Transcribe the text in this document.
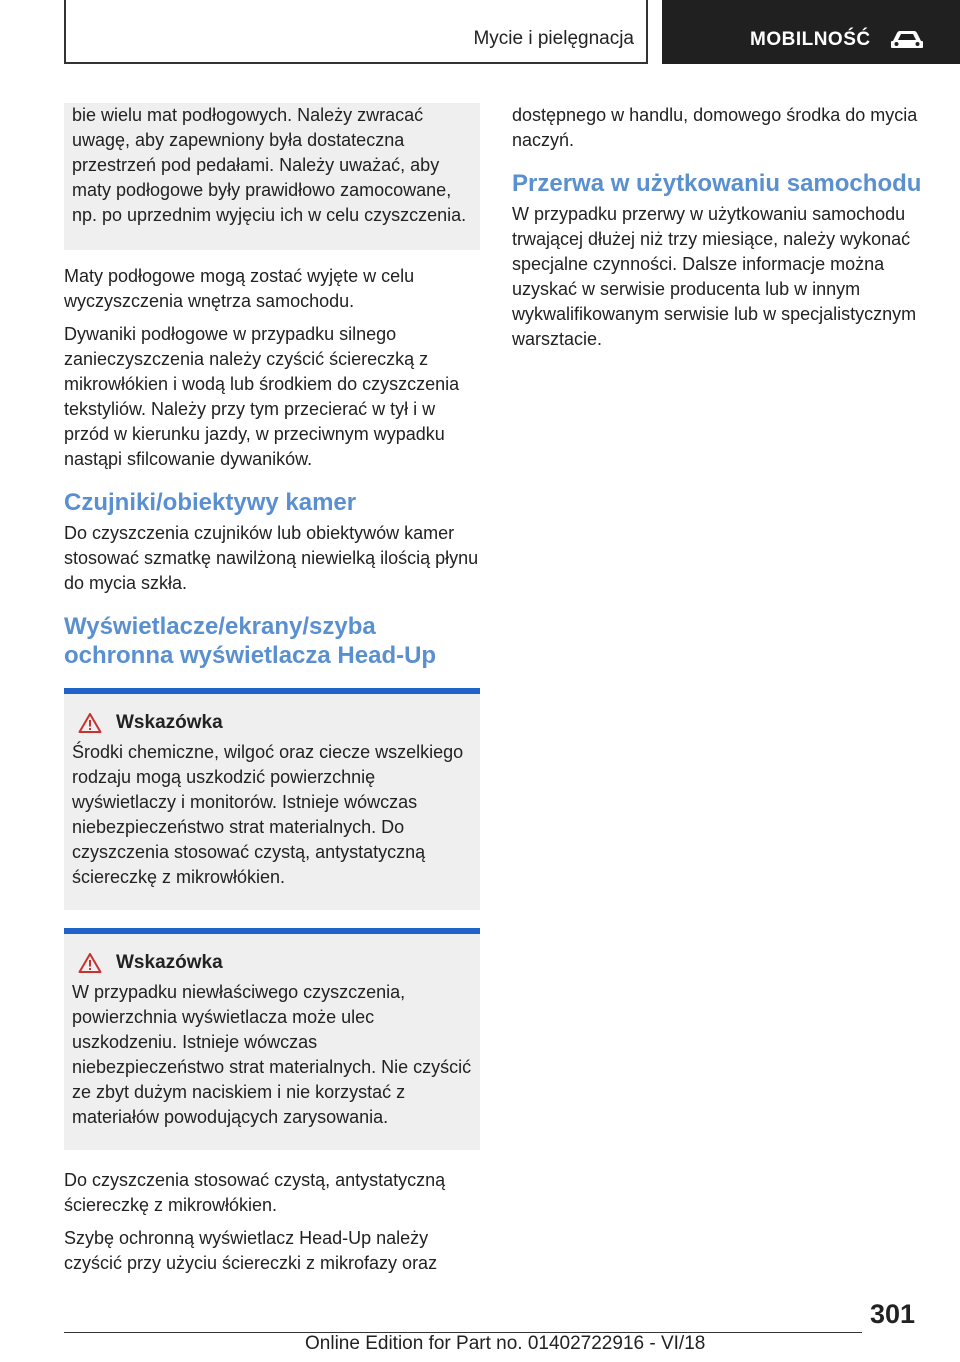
Mycie i pielęgnacja	MOBILNOŚĆ

bie wielu mat podłogowych. Należy zwracać uwagę, aby zapewniony była dostateczna przestrzeń pod pedałami. Należy uważać, aby maty podłogowe były prawidłowo zamocowane, np. po uprzednim wyjęciu ich w celu czyszczenia.

Maty podłogowe mogą zostać wyjęte w celu wyczyszczenia wnętrza samochodu.

Dywaniki podłogowe w przypadku silnego zanieczyszczenia należy czyścić ściereczką z mikrowłókien i wodą lub środkiem do czyszczenia tekstyliów. Należy przy tym przecierać w tył i w przód w kierunku jazdy, w przeciwnym wypadku nastąpi sfilcowanie dywaników.

Czujniki/obiektywy kamer

Do czyszczenia czujników lub obiektywów kamer stosować szmatkę nawilżoną niewielką ilością płynu do mycia szkła.

Wyświetlacze/ekrany/szyba ochronna wyświetlacza Head-Up
Wskazówka

Środki chemiczne, wilgoć oraz ciecze wszelkiego rodzaju mogą uszkodzić powierzchnię wyświetlaczy i monitorów. Istnieje wówczas niebezpieczeństwo strat materialnych. Do czyszczenia stosować czystą, antystatyczną ściereczkę z mikrowłókien.

Wskazówka

W przypadku niewłaściwego czyszczenia, powierzchnia wyświetlacza może ulec uszkodzeniu. Istnieje wówczas niebezpieczeństwo strat materialnych. Nie czyścić ze zbyt dużym naciskiem i nie korzystać z materiałów powodujących zarysowania.

Do czyszczenia stosować czystą, antystatyczną ściereczkę z mikrowłókien.

Szybę ochronną wyświetlacz Head-Up należy czyścić przy użyciu ściereczki z mikrofazy oraz

dostępnego w handlu, domowego środka do mycia naczyń.

Przerwa w użytkowaniu samochodu

W przypadku przerwy w użytkowaniu samochodu trwającej dłużej niż trzy miesiące, należy wykonać specjalne czynności. Dalsze informacje można uzyskać w serwisie producenta lub w innym wykwalifikowanym serwisie lub w specjalistycznym warsztacie.

301
Online Edition for Part no. 01402722916 - VI/18
